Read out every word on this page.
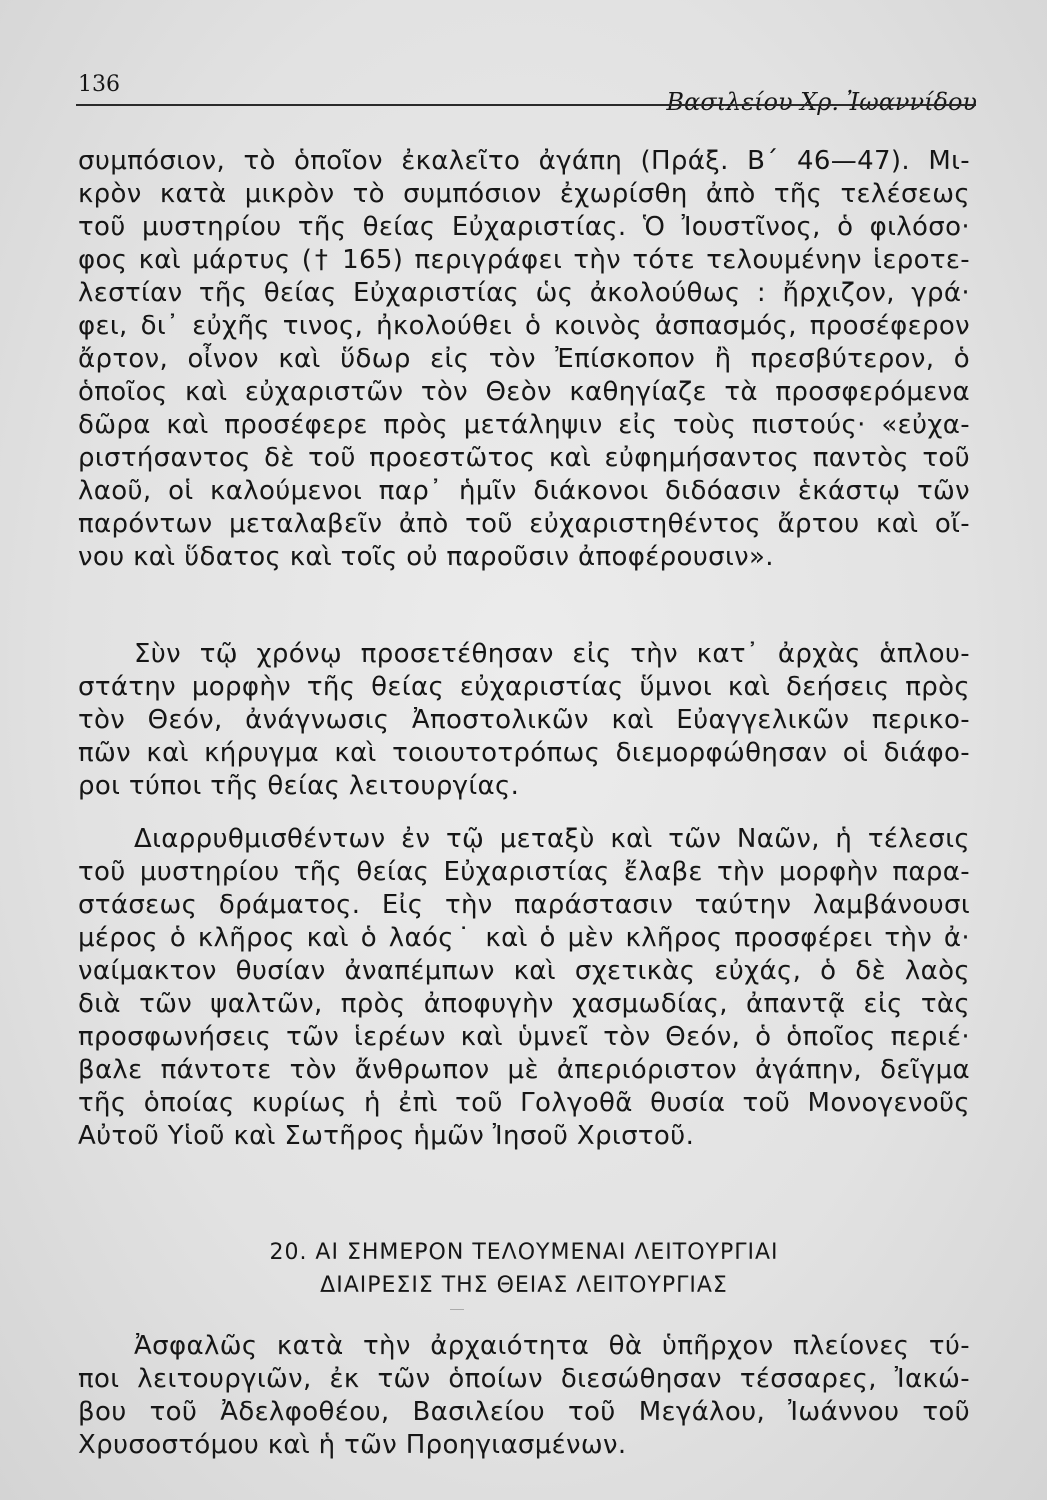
136
Βασιλείου Χρ. Ἰωαννίδου
συμπόσιον, τὸ ὁποῖον ἐκαλεῖτο ἀγάπη (Πράξ. Β΄ 46—47). Μι-
κρὸν κατὰ μικρὸν τὸ συμπόσιον ἐχωρίσθη ἀπὸ τῆς τελέσεως
τοῦ μυστηρίου τῆς θείας Εὐχαριστίας. Ὁ Ἰουστῖνος, ὁ φιλόσο·
φος καὶ μάρτυς († 165) περιγράφει τὴν τότε τελουμένην ἱεροτε-
λεστίαν τῆς θείας Εὐχαριστίας ὡς ἀκολούθως : ἤρχιζον, γρά·
φει, δι᾿ εὐχῆς τινος, ἠκολούθει ὁ κοινὸς ἀσπασμός, προσέφερον
ἄρτον, οἶνον καὶ ὕδωρ εἰς τὸν Ἐπίσκοπον ἢ πρεσβύτερον, ὁ
ὁποῖος καὶ εὐχαριστῶν τὸν Θεὸν καθηγίαζε τὰ προσφερόμενα
δῶρα καὶ προσέφερε πρὸς μετάληψιν εἰς τοὺς πιστούς· «εὐχα-
ριστήσαντος δὲ τοῦ προεστῶτος καὶ εὐφημήσαντος παντὸς τοῦ
λαοῦ, οἱ καλούμενοι παρ᾿ ἡμῖν διάκονοι διδόασιν ἑκάστῳ τῶν
παρόντων μεταλαβεῖν ἀπὸ τοῦ εὐχαριστηθέντος ἄρτου καὶ οἴ-
νου καὶ ὕδατος καὶ τοῖς οὐ παροῦσιν ἀποφέρουσιν».
Σὺν τῷ χρόνῳ προσετέθησαν εἰς τὴν κατ᾿ ἀρχὰς ἁπλου-
στάτην μορφὴν τῆς θείας εὐχαριστίας ὕμνοι καὶ δεήσεις πρὸς
τὸν Θεόν, ἀνάγνωσις Ἀποστολικῶν καὶ Εὐαγγελικῶν περικο-
πῶν καὶ κήρυγμα καὶ τοιουτοτρόπως διεμορφώθησαν οἱ διάφο-
ροι τύποι τῆς θείας λειτουργίας.
Διαρρυθμισθέντων ἐν τῷ μεταξὺ καὶ τῶν Ναῶν, ἡ τέλεσις
τοῦ μυστηρίου τῆς θείας Εὐχαριστίας ἔλαβε τὴν μορφὴν παρα-
στάσεως δράματος. Εἰς τὴν παράστασιν ταύτην λαμβάνουσι
μέρος ὁ κλῆρος καὶ ὁ λαός˙ καὶ ὁ μὲν κλῆρος προσφέρει τὴν ἀ·
ναίμακτον θυσίαν ἀναπέμπων καὶ σχετικὰς εὐχάς, ὁ δὲ λαὸς
διὰ τῶν ψαλτῶν, πρὸς ἀποφυγὴν χασμωδίας, ἀπαντᾷ εἰς τὰς
προσφωνήσεις τῶν ἱερέων καὶ ὑμνεῖ τὸν Θεόν, ὁ ὁποῖος περιέ·
βαλε πάντοτε τὸν ἄνθρωπον μὲ ἀπεριόριστον ἀγάπην, δεῖγμα
τῆς ὁποίας κυρίως ἡ ἐπὶ τοῦ Γολγοθᾶ θυσία τοῦ Μονογενοῦς
Αὐτοῦ Υἱοῦ καὶ Σωτῆρος ἡμῶν Ἰησοῦ Χριστοῦ.
20. ΑΙ ΣΗΜΕΡΟΝ ΤΕΛΟΥΜΕΝΑΙ ΛΕΙΤΟΥΡΓΙΑΙ
ΔΙΑΙΡΕΣΙΣ ΤΗΣ ΘΕΙΑΣ ΛΕΙΤΟΥΡΓΙΑΣ
Ἀσφαλῶς κατὰ τὴν ἀρχαιότητα θὰ ὑπῆρχον πλείονες τύ-
ποι λειτουργιῶν, ἐκ τῶν ὁποίων διεσώθησαν τέσσαρες, Ἰακώ-
βου τοῦ Ἀδελφοθέου, Βασιλείου τοῦ Μεγάλου, Ἰωάννου τοῦ
Χρυσοστόμου καὶ ἡ τῶν Προηγιασμένων.
